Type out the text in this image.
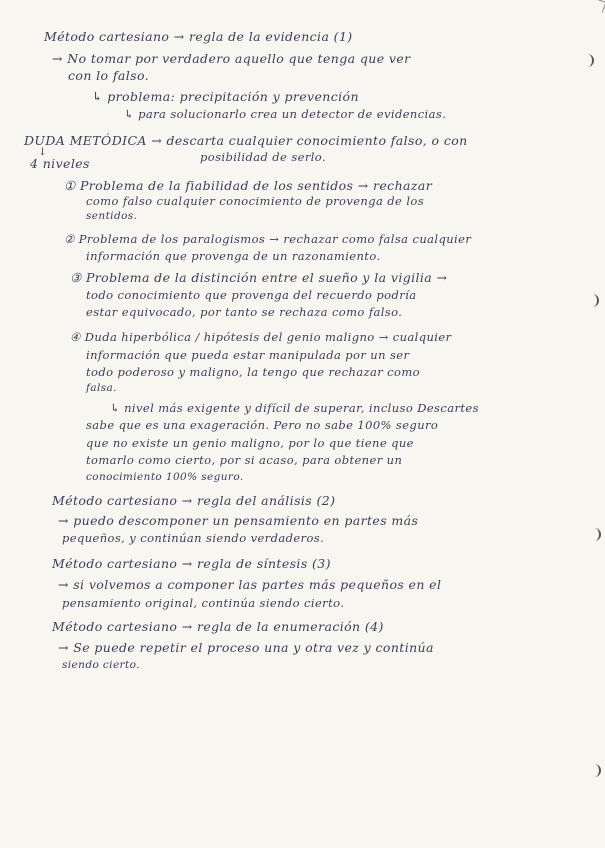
Método cartesiano → regla de la evidencia (1)

→ No tomar por verdadero aquello que tenga que ver

con lo falso.

↳ problema: precipitación y prevención

↳ para solucionarlo crea un detector de evidencias.

DUDA METÓDICA → descarta cualquier conocimiento falso, o con

posibilidad de serlo.

↓

4 niveles

① Problema de la fiabilidad de los sentidos → rechazar

como falso cualquier conocimiento de provenga de los

sentidos.

② Problema de los paralogismos → rechazar como falsa cualquier

información que provenga de un razonamiento.

③ Problema de la distinción entre el sueño y la vigilia →

todo conocimiento que provenga del recuerdo podría

estar equivocado, por tanto se rechaza como falso.

④ Duda hiperbólica / hipótesis del genio maligno → cualquier

información que pueda estar manipulada por un ser

todo poderoso y maligno, la tengo que rechazar como

falsa.

↳ nivel más exigente y difícil de superar, incluso Descartes

sabe que es una exageración. Pero no sabe 100% seguro

que no existe un genio maligno, por lo que tiene que

tomarlo como cierto, por si acaso, para obtener un

conocimiento 100% seguro.

Método cartesiano → regla del análisis (2)

→ puedo descomponer un pensamiento en partes más

pequeños, y continúan siendo verdaderos.

Método cartesiano → regla de síntesis (3)

→ si volvemos a componer las partes más pequeños en el

pensamiento original, continúa siendo cierto.

Método cartesiano → regla de la enumeración (4)

→ Se puede repetir el proceso una y otra vez y continúa

siendo cierto.
